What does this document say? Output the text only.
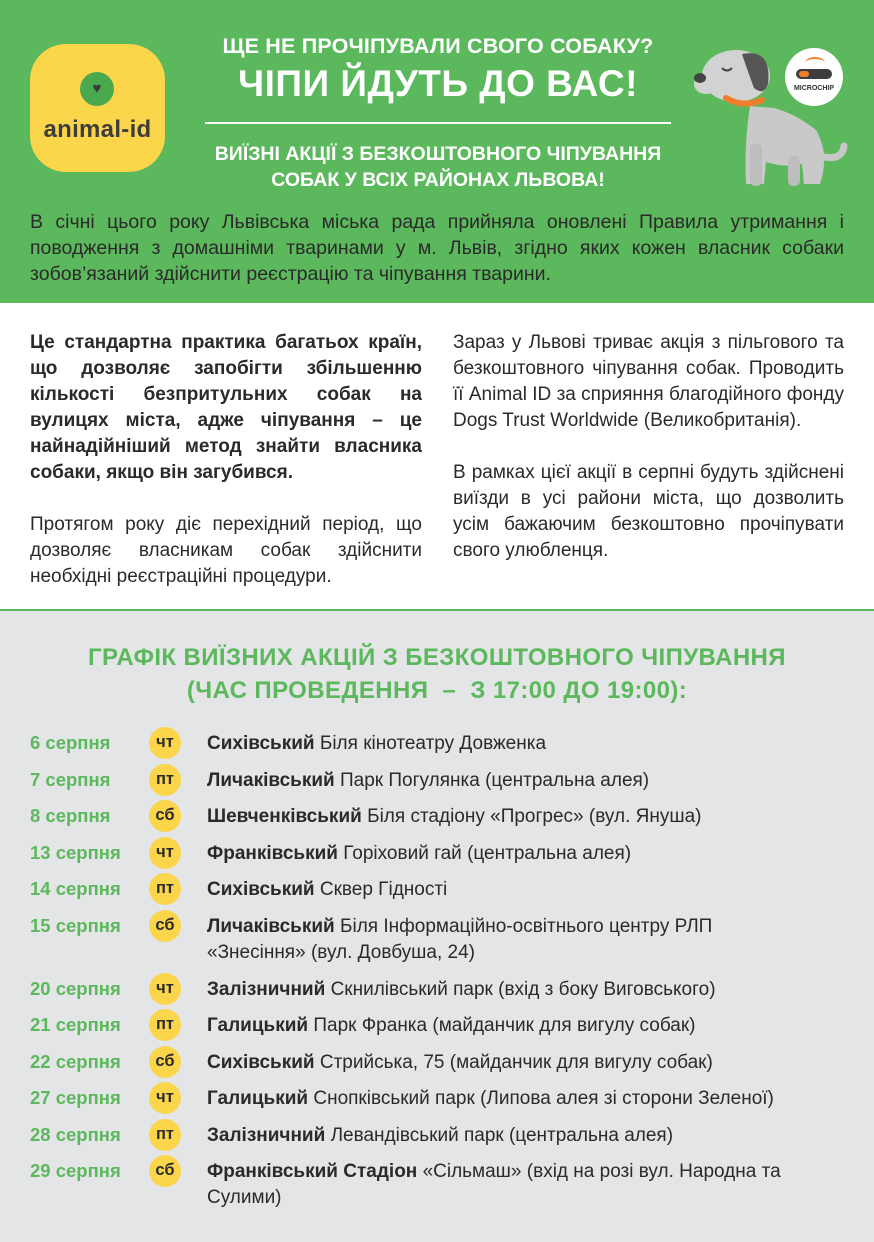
♥
animal-id
ЩЕ НЕ ПРОЧІПУВАЛИ СВОГО СОБАКУ?
ЧІПИ ЙДУТЬ ДО ВАС!
ВИЇЗНІ АКЦІЇ З БЕЗКОШТОВНОГО ЧІПУВАННЯ
СОБАК У ВСІХ РАЙОНАХ ЛЬВОВА!
MICROCHIP
В січні цього року Львівська міська рада прийняла оновлені Правила утримання і поводження з домашніми тваринами у м. Львів, згідно яких кожен власник собаки зобов’язаний здійснити реєстрацію та чіпування тварини.

Це стандартна практика багатьох країн, що дозволяє запобігти збільшенню кількості безпритульних собак на вулицях міста, адже чіпування – це найнадійніший метод знайти власника собаки, якщо він загубився.

Протягом року діє перехідний період, що дозволяє власникам собак здійснити необхідні реєстраційні процедури.

Зараз у Львові триває акція з пільгового та безкоштовного чіпування собак. Проводить її Animal ID за сприяння благодійного фонду Dogs Trust Worldwide (Великобританія).

В рамках цієї акції в серпні будуть здійснені виїзди в усі райони міста, що дозволить усім бажаючим безкоштовно прочіпувати свого улюбленця.

ГРАФІК ВИЇЗНИХ АКЦІЙ З БЕЗКОШТОВНОГО ЧІПУВАННЯ
(ЧАС ПРОВЕДЕННЯ  –  З 17:00 ДО 19:00):
6 серпня	чт	Сихівський Біля кінотеатру Довженка
7 серпня	пт	Личаківський Парк Погулянка (центральна алея)
8 серпня	сб	Шевченківський Біля стадіону «Прогрес» (вул. Януша)
13 серпня	чт	Франківський Горіховий гай (центральна алея)
14 серпня	пт	Сихівський Сквер Гідності
15 серпня	сб	Личаківський Біля Інформаційно-освітнього центру РЛП «Знесіння» (вул. Довбуша, 24)
20 серпня	чт	Залізничний Скнилівський парк (вхід з боку Виговського)
21 серпня	пт	Галицький Парк Франка (майданчик для вигулу собак)
22 серпня	сб	Сихівський Стрийська, 75 (майданчик для вигулу собак)
27 серпня	чт	Галицький Снопківський парк (Липова алея зі сторони Зеленої)
28 серпня	пт	Залізничний Левандівський парк (центральна алея)
29 серпня	сб	Франківський Стадіон «Сільмаш» (вхід на розі вул. Народна та Сулими)
